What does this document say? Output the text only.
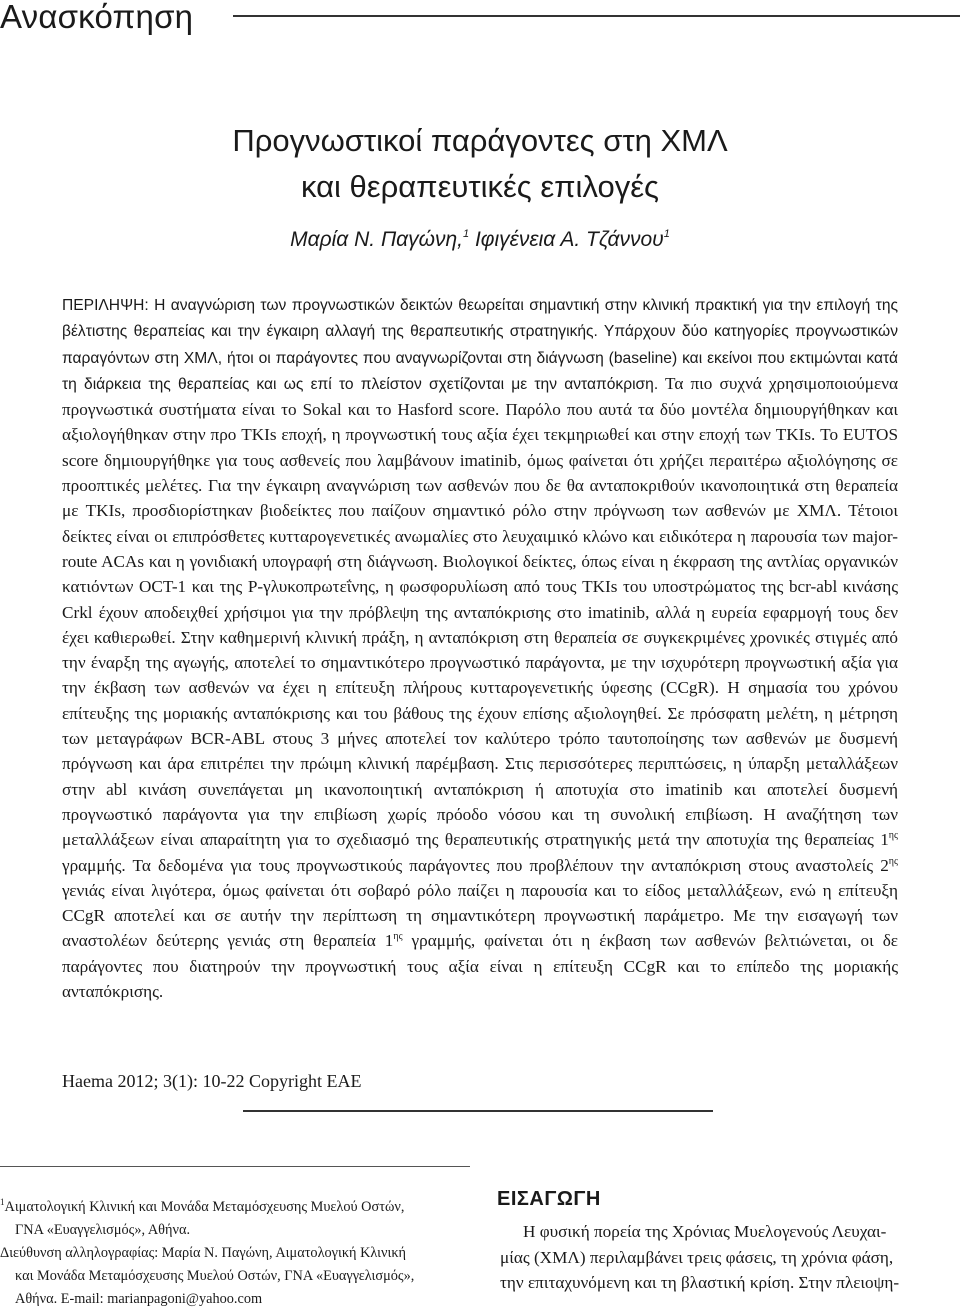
Ανασκόπηση
Προγνωστικοί παράγοντες στη ΧΜΛ
και θεραπευτικές επιλογές
Μαρία Ν. Παγώνη,$^1$ Ιφιγένεια Α. Τζάννου$^1$

ΠΕΡΙΛΗΨΗ: Η αναγνώριση των προγνωστικών δεικτών θεωρείται σημαντική στην κλινική πρακτική για την επιλογή της βέλτιστης θεραπείας και την έγκαιρη αλλαγή της θεραπευτικής στρατηγικής. Υπάρχουν δύο κατηγορίες προγνωστικών παραγόντων στη ΧΜΛ, ήτοι οι παράγοντες που αναγνωρίζονται στη διάγνωση (baseline) και εκείνοι που εκτιμώνται κατά τη διάρκεια της θεραπείας και ως επί το πλείστον σχετίζονται με την ανταπόκριση. Τα πιο συχνά χρησιμοποιούμενα προγνωστικά συστήματα είναι το Sokal και το Hasford score. Παρόλο που αυτά τα δύο μοντέλα δημιουργήθηκαν και αξιολογήθηκαν στην προ TKIs εποχή, η προγνωστική τους αξία έχει τεκμηριωθεί και στην εποχή των TKIs. Το EUTOS score δημιουργήθηκε για τους ασθενείς που λαμβάνουν imatinib, όμως φαίνεται ότι χρήζει περαιτέρω αξιολόγησης σε προοπτικές μελέτες. Για την έγκαιρη αναγνώριση των ασθενών που δε θα ανταποκριθούν ικανοποιητικά στη θεραπεία με TKIs, προσδιορίστηκαν βιοδείκτες που παίζουν σημαντικό ρόλο στην πρόγνωση των ασθενών με ΧΜΛ. Τέτοιοι δείκτες είναι οι επιπρόσθετες κυτταρογενετικές ανωμαλίες στο λευχαιμικό κλώνο και ειδικότερα η παρουσία των major-route ACAs και η γονιδιακή υπογραφή στη διάγνωση. Βιολογικοί δείκτες, όπως είναι η έκφραση της αντλίας οργανικών κατιόντων OCT-1 και της P-γλυκοπρωτεΐνης, η φωσφορυλίωση από τους TKIs του υποστρώματος της bcr-abl κινάσης Crkl έχουν αποδειχθεί χρήσιμοι για την πρόβλεψη της ανταπόκρισης στο imatinib, αλλά η ευρεία εφαρμογή τους δεν έχει καθιερωθεί. Στην καθημερινή κλινική πράξη, η ανταπόκριση στη θεραπεία σε συγκεκριμένες χρονικές στιγμές από την έναρξη της αγωγής, αποτελεί το σημαντικότερο προγνωστικό παράγοντα, με την ισχυρότερη προγνωστική αξία για την έκβαση των ασθενών να έχει η επίτευξη πλήρους κυτταρογενετικής ύφεσης (CCgR). Η σημασία του χρόνου επίτευξης της μοριακής ανταπόκρισης και του βάθους της έχουν επίσης αξιολογηθεί. Σε πρόσφατη μελέτη, η μέτρηση των μεταγράφων BCR-ABL στους 3 μήνες αποτελεί τον καλύτερο τρόπο ταυτοποίησης των ασθενών με δυσμενή πρόγνωση και άρα επιτρέπει την πρώιμη κλινική παρέμβαση. Στις περισσότερες περιπτώσεις, η ύπαρξη μεταλλάξεων στην abl κινάση συνεπάγεται μη ικανοποιητική ανταπόκριση ή αποτυχία στο imatinib και αποτελεί δυσμενή προγνωστικό παράγοντα για την επιβίωση χωρίς πρόοδο νόσου και τη συνολική επιβίωση. Η αναζήτηση των μεταλλάξεων είναι απαραίτητη για το σχεδιασμό της θεραπευτικής στρατηγικής μετά την αποτυχία της θεραπείας $1^{\eta\varsigma}$ γραμμής. Τα δεδομένα για τους προγνωστικούς παράγοντες που προβλέπουν την ανταπόκριση στους αναστολείς $2^{\eta\varsigma}$ γενιάς είναι λιγότερα, όμως φαίνεται ότι σοβαρό ρόλο παίζει η παρουσία και το είδος μεταλλάξεων, ενώ η επίτευξη CCgR αποτελεί και σε αυτήν την περίπτωση τη σημαντικότερη προγνωστική παράμετρο. Με την εισαγωγή των αναστολέων δεύτερης γενιάς στη θεραπεία $1^{\eta\varsigma}$ γραμμής, φαίνεται ότι η έκβαση των ασθενών βελτιώνεται, οι δε παράγοντες που διατηρούν την προγνωστική τους αξία είναι η επίτευξη CCgR και το επίπεδο της μοριακής ανταπόκρισης.

Haema 2012; 3(1): 10-22 Copyright EAE

$^1$Αιματολογική Κλινική και Μονάδα Μεταμόσχευσης Μυελού Οστών,
ΓΝΑ «Ευαγγελισμός», Αθήνα.
Διεύθυνση αλληλογραφίας: Μαρία Ν. Παγώνη, Αιματολογική Κλινική
και Μονάδα Μεταμόσχευσης Μυελού Οστών, ΓΝΑ «Ευαγγελισμός»,
Αθήνα. E-mail: marianpagoni@yahoo.com

ΕΙΣΑΓΩΓΗ

Η φυσική πορεία της Χρόνιας Μυελογενούς Λευχαι-
μίας (ΧΜΛ) περιλαμβάνει τρεις φάσεις, τη χρόνια φάση,
την επιταχυνόμενη και τη βλαστική κρίση. Στην πλειοψη-
